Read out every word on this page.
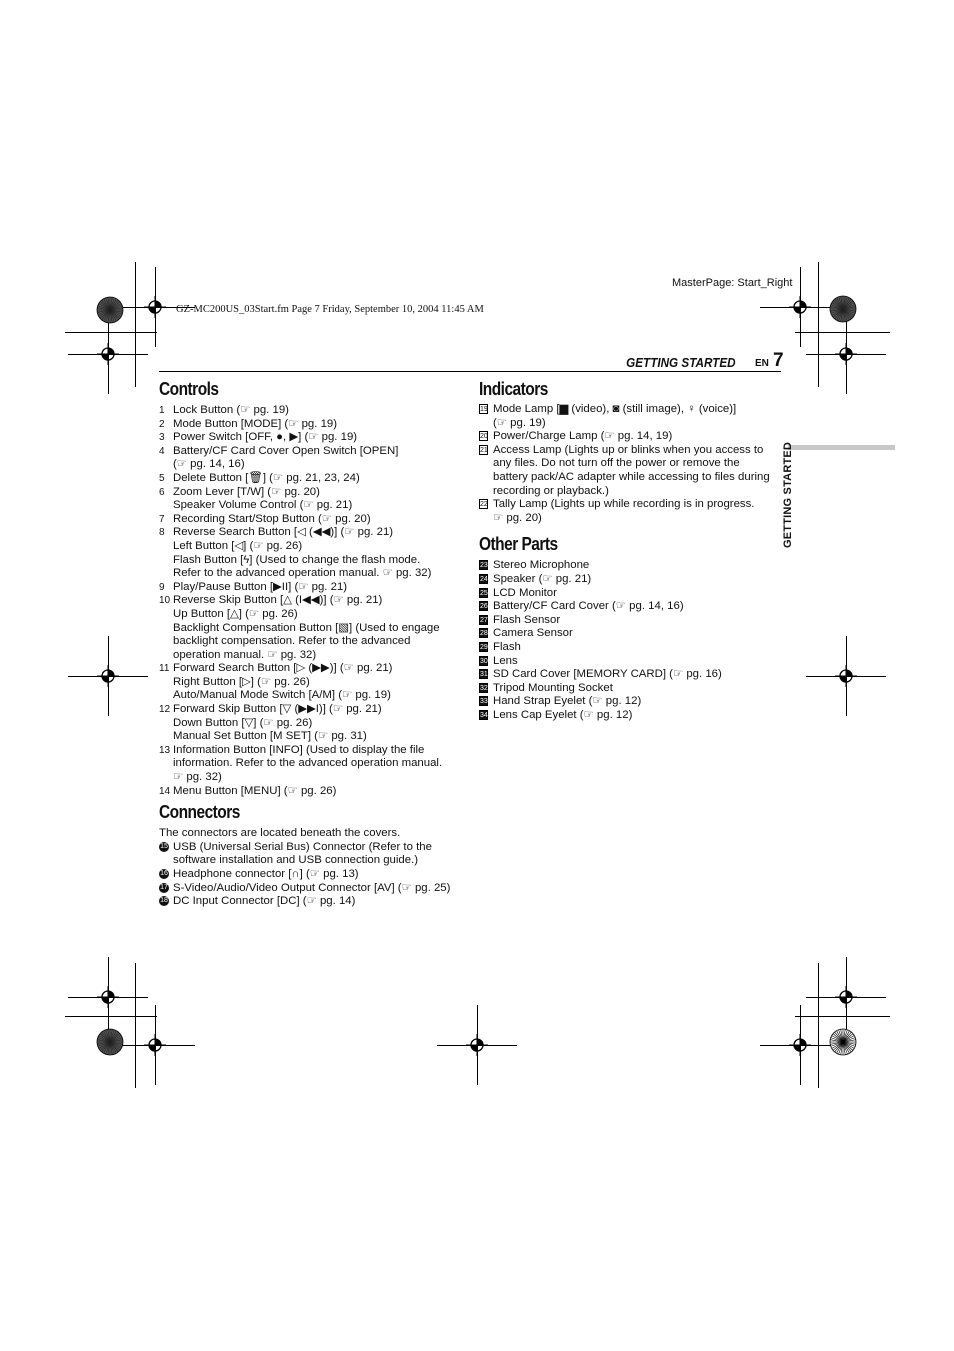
MasterPage: Start_Right
GZ-MC200US_03Start.fm Page 7 Friday, September 10, 2004 11:45 AM
GETTING STARTED EN 7
GETTING STARTED
Controls
1 Lock Button (☞ pg. 19)
2 Mode Button [MODE] (☞ pg. 19)
3 Power Switch [OFF, ●, ▶] (☞ pg. 19)
4 Battery/CF Card Cover Open Switch [OPEN]
(☞ pg. 14, 16)
5 Delete Button [🗑] (☞ pg. 21, 23, 24)
6 Zoom Lever [T/W] (☞ pg. 20)
Speaker Volume Control (☞ pg. 21)
7 Recording Start/Stop Button (☞ pg. 20)
8 Reverse Search Button [◁ (◀◀)] (☞ pg. 21)
Left Button [◁] (☞ pg. 26)
Flash Button [ϟ] (Used to change the flash mode.
Refer to the advanced operation manual. ☞ pg. 32)
9 Play/Pause Button [▶II] (☞ pg. 21)
10 Reverse Skip Button [△ (I◀◀)] (☞ pg. 21)
Up Button [△] (☞ pg. 26)
Backlight Compensation Button [▧] (Used to engage
backlight compensation. Refer to the advanced
operation manual. ☞ pg. 32)
11 Forward Search Button [▷ (▶▶)] (☞ pg. 21)
Right Button [▷] (☞ pg. 26)
Auto/Manual Mode Switch [A/M] (☞ pg. 19)
12 Forward Skip Button [▽ (▶▶I)] (☞ pg. 21)
Down Button [▽] (☞ pg. 26)
Manual Set Button [M SET] (☞ pg. 31)
13 Information Button [INFO] (Used to display the file
information. Refer to the advanced operation manual.
☞ pg. 32)
14 Menu Button [MENU] (☞ pg. 26)
Connectors
The connectors are located beneath the covers.
15 USB (Universal Serial Bus) Connector (Refer to the
software installation and USB connection guide.)
16 Headphone connector [∩] (☞ pg. 13)
17 S-Video/Audio/Video Output Connector [AV] (☞ pg. 25)
18 DC Input Connector [DC] (☞ pg. 14)
Indicators
19 Mode Lamp [▆ (video), ◙ (still image), ♀ (voice)]
(☞ pg. 19)
20 Power/Charge Lamp (☞ pg. 14, 19)
21 Access Lamp (Lights up or blinks when you access to
any files. Do not turn off the power or remove the
battery pack/AC adapter while accessing to files during
recording or playback.)
22 Tally Lamp (Lights up while recording is in progress.
☞ pg. 20)
Other Parts
23 Stereo Microphone
24 Speaker (☞ pg. 21)
25 LCD Monitor
26 Battery/CF Card Cover (☞ pg. 14, 16)
27 Flash Sensor
28 Camera Sensor
29 Flash
30 Lens
31 SD Card Cover [MEMORY CARD] (☞ pg. 16)
32 Tripod Mounting Socket
33 Hand Strap Eyelet (☞ pg. 12)
34 Lens Cap Eyelet (☞ pg. 12)
